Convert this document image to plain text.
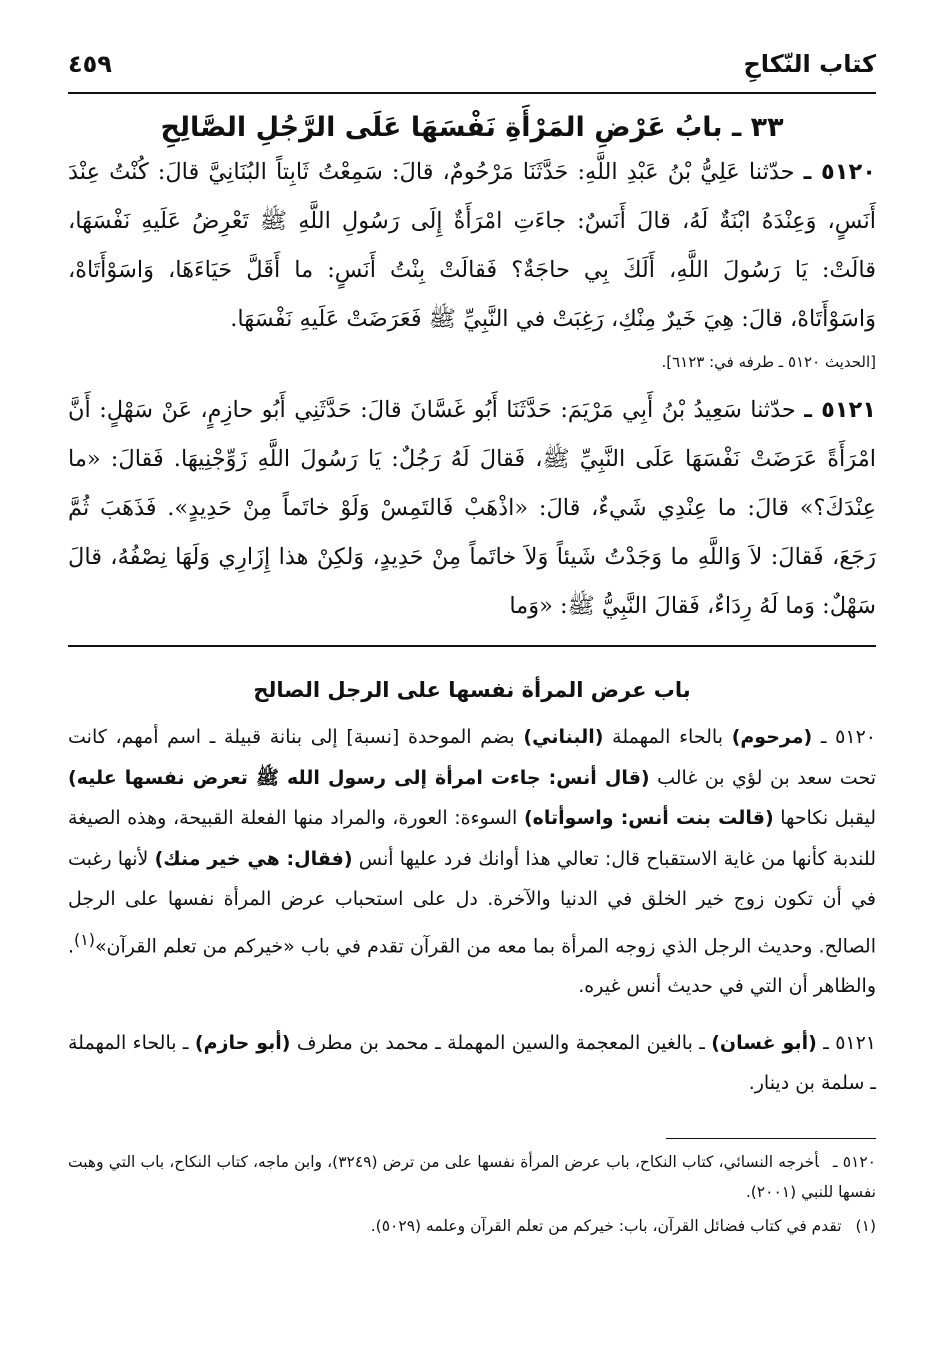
كتاب النّكاحِ
٤٥٩
٣٣ ـ بابُ عَرْضِ المَرْأَةِ نَفْسَهَا عَلَى الرَّجُلِ الصَّالِحِ

٥١٢٠ ـ حدّثنا عَلِيُّ بْنُ عَبْدِ اللَّهِ: حَدَّثَنَا مَرْحُومٌ، قالَ: سَمِعْتُ ثَابِتاً البُنَانِيَّ قالَ: كُنْتُ عِنْدَ أَنَسٍ، وَعِنْدَهُ ابْنَةٌ لَهُ، قالَ أَنَسٌ: جاءَتِ امْرَأَةٌ إِلَى رَسُولِ اللَّهِ ﷺ تَعْرِضُ عَلَيهِ نَفْسَهَا، قالَتْ: يَا رَسُولَ اللَّهِ، أَلَكَ بِي حاجَةٌ؟ فَقالَتْ بِنْتُ أَنَسٍ: ما أَقَلَّ حَيَاءَهَا، وَاسَوْأَتَاهْ، وَاسَوْأَتَاهْ، قالَ: هِيَ خَيرٌ مِنْكِ، رَغِبَتْ في النَّبِيِّ ﷺ فَعَرَضَتْ عَلَيهِ نَفْسَهَا.

[الحديث ٥١٢٠ ـ طرفه في: ٦١٢٣].

٥١٢١ ـ حدّثنا سَعِيدُ بْنُ أَبِي مَرْيَمَ: حَدَّثَنَا أَبُو غَسَّانَ قالَ: حَدَّثَنِي أَبُو حازِمٍ، عَنْ سَهْلٍ: أَنَّ امْرَأَةً عَرَضَتْ نَفْسَهَا عَلَى النَّبِيِّ ﷺ، فَقالَ لَهُ رَجُلٌ: يَا رَسُولَ اللَّهِ زَوِّجْنِيهَا. فَقالَ: «ما عِنْدَكَ؟» قالَ: ما عِنْدِي شَيءٌ، قالَ: «اذْهَبْ فَالتَمِسْ وَلَوْ خاتَماً مِنْ حَدِيدٍ». فَذَهَبَ ثُمَّ رَجَعَ، فَقالَ: لاَ وَاللَّهِ ما وَجَدْتُ شَيئاً وَلاَ خاتَماً مِنْ حَدِيدٍ، وَلكِنْ هذا إِزَارِي وَلَهَا نِصْفُهُ، قالَ سَهْلٌ: وَما لَهُ رِدَاءٌ، فَقالَ النَّبِيُّ ﷺ: «وَما

باب عرض المرأة نفسها على الرجل الصالح

٥١٢٠ ـ (مرحوم) بالحاء المهملة (البناني) بضم الموحدة [نسبة] إلى بنانة قبيلة ـ اسم أمهم، كانت تحت سعد بن لؤي بن غالب (قال أنس: جاءت امرأة إلى رسول الله ﷺ تعرض نفسها عليه) ليقبل نكاحها (قالت بنت أنس: واسوأتاه) السوءة: العورة، والمراد منها الفعلة القبيحة، وهذه الصيغة للندبة كأنها من غاية الاستقباح قال: تعالي هذا أوانك فرد عليها أنس (فقال: هي خير منك) لأنها رغبت في أن تكون زوج خير الخلق في الدنيا والآخرة. دل على استحباب عرض المرأة نفسها على الرجل الصالح. وحديث الرجل الذي زوجه المرأة بما معه من القرآن تقدم في باب «خيركم من تعلم القرآن»$^{(١)}$. والظاهر أن التي في حديث أنس غيره.

٥١٢١ ـ (أبو غسان) ـ بالغين المعجمة والسين المهملة ـ محمد بن مطرف (أبو حازم) ـ بالحاء المهملة ـ سلمة بن دينار.

٥١٢٠ ـأخرجه النسائي، كتاب النكاح، باب عرض المرأة نفسها على من ترض (٣٢٤٩)، وابن ماجه، كتاب النكاح، باب التي وهبت نفسها للنبي (٢٠٠١).

(١)تقدم في كتاب فضائل القرآن، باب: خيركم من تعلم القرآن وعلمه (٥٠٢٩).
